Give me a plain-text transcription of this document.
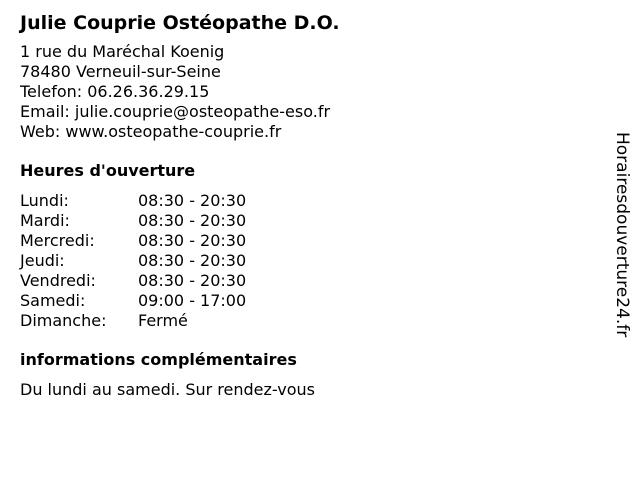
Julie Couprie Ostéopathe D.O.
1 rue du Maréchal Koenig
78480 Verneuil-sur-Seine
Telefon: 06.26.36.29.15
Email: julie.couprie@osteopathe-eso.fr
Web: www.osteopathe-couprie.fr
Heures d'ouverture
Lundi:	08:30 - 20:30
Mardi:	08:30 - 20:30
Mercredi:	08:30 - 20:30
Jeudi:	08:30 - 20:30
Vendredi:	08:30 - 20:30
Samedi:	09:00 - 17:00
Dimanche:	Fermé
informations complémentaires
Du lundi au samedi. Sur rendez-vous
Horairesdouverture24.fr
